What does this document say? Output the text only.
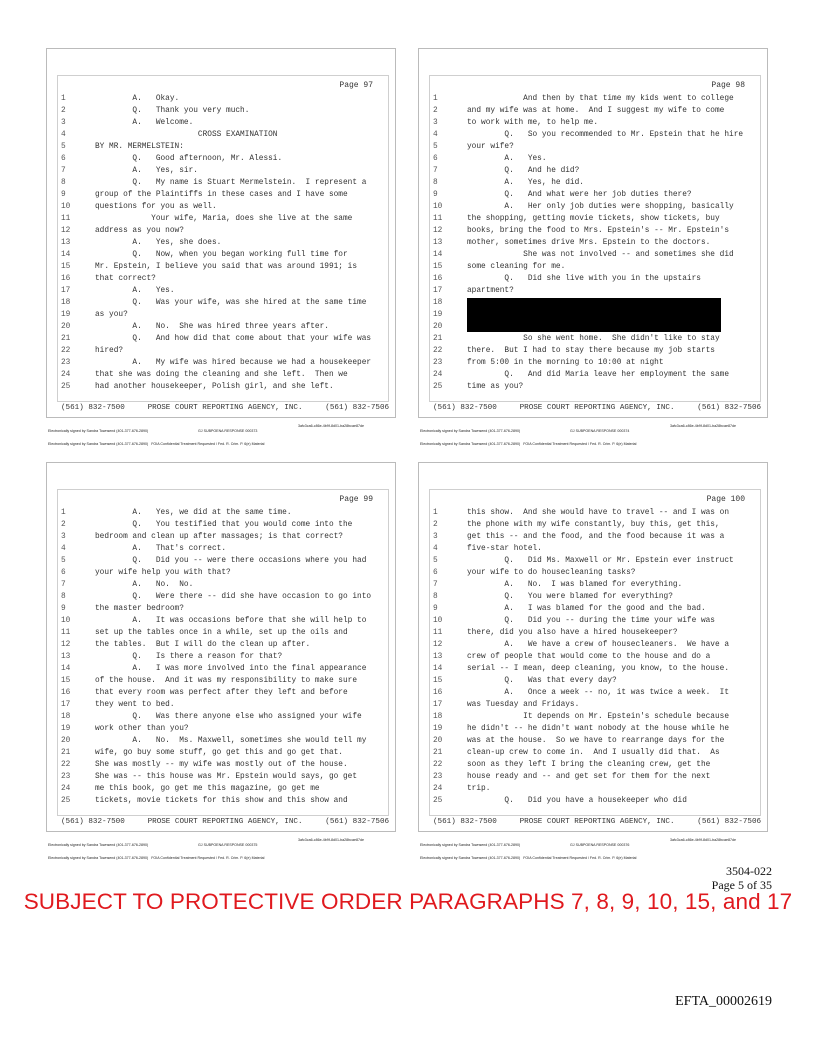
Page 97
1	A.   Okay.
2	Q.   Thank you very much.
3	A.   Welcome.
4	CROSS EXAMINATION
5	BY MR. MERMELSTEIN:
6	Q.   Good afternoon, Mr. Alessi.
7	A.   Yes, sir.
8	Q.   My name is Stuart Mermelstein.  I represent a
9	group of the Plaintiffs in these cases and I have some
10	questions for you as well.
11	Your wife, Maria, does she live at the same
12	address as you now?
13	A.   Yes, she does.
14	Q.   Now, when you began working full time for
15	Mr. Epstein, I believe you said that was around 1991; is
16	that correct?
17	A.   Yes.
18	Q.   Was your wife, was she hired at the same time
19	as you?
20	A.   No.  She was hired three years after.
21	Q.   And how did that come about that your wife was
22	hired?
23	A.   My wife was hired because we had a housekeeper
24	that she was doing the cleaning and she left.  Then we
25	had another housekeeper, Polish girl, and she left.
(561) 832-7500     PROSE COURT REPORTING AGENCY, INC.     (561) 832-7506

Electronically signed by Sandra Townsend (401-377-676-2890)

Electronically signed by Sandra Townsend (401-377-676-2890)   FOIA Confidential Treatment Requested / Fed. R. Crim. P. 6(e) Material

3afc3ca6-c86e-4b9f-8d01-ba28bcae87de

GJ SUBPOENA RESPONSE 000373

Page 98
1	And then by that time my kids went to college
2	and my wife was at home.  And I suggest my wife to come
3	to work with me, to help me.
4	Q.   So you recommended to Mr. Epstein that he hire
5	your wife?
6	A.   Yes.
7	Q.   And he did?
8	A.   Yes, he did.
9	Q.   And what were her job duties there?
10	A.   Her only job duties were shopping, basically
11	the shopping, getting movie tickets, show tickets, buy
12	books, bring the food to Mrs. Epstein's -- Mr. Epstein's
13	mother, sometimes drive Mrs. Epstein to the doctors.
14	She was not involved -- and sometimes she did
15	some cleaning for me.
16	Q.   Did she live with you in the upstairs
17	apartment?
18
19
20
21	So she went home.  She didn't like to stay
22	there.  But I had to stay there because my job starts
23	from 5:00 in the morning to 10:00 at night
24	Q.   And did Maria leave her employment the same
25	time as you?
(561) 832-7500     PROSE COURT REPORTING AGENCY, INC.     (561) 832-7506

Electronically signed by Sandra Townsend (401-377-676-2890)

Electronically signed by Sandra Townsend (401-377-676-2890)   FOIA Confidential Treatment Requested / Fed. R. Crim. P. 6(e) Material

3afc3ca6-c86e-4b9f-8d01-ba28bcae87de

GJ SUBPOENA RESPONSE 000374

Page 99
1	A.   Yes, we did at the same time.
2	Q.   You testified that you would come into the
3	bedroom and clean up after massages; is that correct?
4	A.   That's correct.
5	Q.   Did you -- were there occasions where you had
6	your wife help you with that?
7	A.   No.  No.
8	Q.   Were there -- did she have occasion to go into
9	the master bedroom?
10	A.   It was occasions before that she will help to
11	set up the tables once in a while, set up the oils and
12	the tables.  But I will do the clean up after.
13	Q.   Is there a reason for that?
14	A.   I was more involved into the final appearance
15	of the house.  And it was my responsibility to make sure
16	that every room was perfect after they left and before
17	they went to bed.
18	Q.   Was there anyone else who assigned your wife
19	work other than you?
20	A.   No.  Ms. Maxwell, sometimes she would tell my
21	wife, go buy some stuff, go get this and go get that.
22	She was mostly -- my wife was mostly out of the house.
23	She was -- this house was Mr. Epstein would says, go get
24	me this book, go get me this magazine, go get me
25	tickets, movie tickets for this show and this show and
(561) 832-7500     PROSE COURT REPORTING AGENCY, INC.     (561) 832-7506

Electronically signed by Sandra Townsend (401-377-676-2890)

Electronically signed by Sandra Townsend (401-377-676-2890)   FOIA Confidential Treatment Requested / Fed. R. Crim. P. 6(e) Material

3afc3ca6-c86e-4b9f-8d01-ba28bcae87de

GJ SUBPOENA RESPONSE 000375

Page 100
1	this show.  And she would have to travel -- and I was on
2	the phone with my wife constantly, buy this, get this,
3	get this -- and the food, and the food because it was a
4	five-star hotel.
5	Q.   Did Ms. Maxwell or Mr. Epstein ever instruct
6	your wife to do housecleaning tasks?
7	A.   No.  I was blamed for everything.
8	Q.   You were blamed for everything?
9	A.   I was blamed for the good and the bad.
10	Q.   Did you -- during the time your wife was
11	there, did you also have a hired housekeeper?
12	A.   We have a crew of housecleaners.  We have a
13	crew of people that would come to the house and do a
14	serial -- I mean, deep cleaning, you know, to the house.
15	Q.   Was that every day?
16	A.   Once a week -- no, it was twice a week.  It
17	was Tuesday and Fridays.
18	It depends on Mr. Epstein's schedule because
19	he didn't -- he didn't want nobody at the house while he
20	was at the house.  So we have to rearrange days for the
21	clean-up crew to come in.  And I usually did that.  As
22	soon as they left I bring the cleaning crew, get the
23	house ready and -- and get set for them for the next
24	trip.
25	Q.   Did you have a housekeeper who did
(561) 832-7500     PROSE COURT REPORTING AGENCY, INC.     (561) 832-7506

Electronically signed by Sandra Townsend (401-377-676-2890)

Electronically signed by Sandra Townsend (401-377-676-2890)   FOIA Confidential Treatment Requested / Fed. R. Crim. P. 6(e) Material

3afc3ca6-c86e-4b9f-8d01-ba28bcae87de

GJ SUBPOENA RESPONSE 000376

3504-022
Page 5 of 35
SUBJECT TO PROTECTIVE ORDER PARAGRAPHS 7, 8, 9, 10, 15, and 17
EFTA_00002619
